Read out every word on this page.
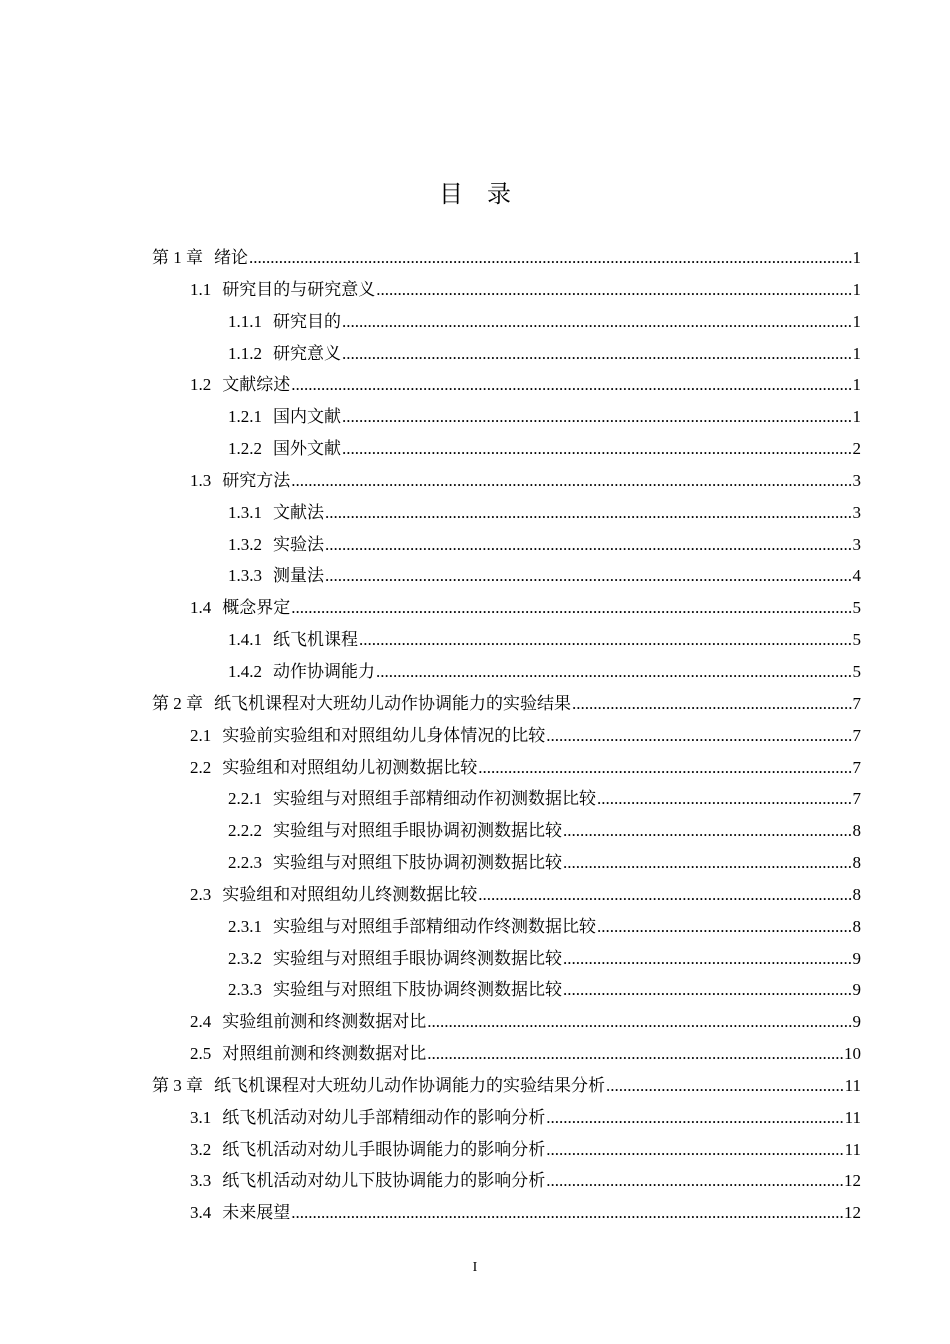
目录
第 1 章 绪论 .....	1
1.1 研究目的与研究意义 .....	1
1.1.1 研究目的 .....	1
1.1.2 研究意义 .....	1
1.2 文献综述 .....	1
1.2.1 国内文献 .....	1
1.2.2 国外文献 .....	2
1.3 研究方法 .....	3
1.3.1 文献法 .....	3
1.3.2 实验法 .....	3
1.3.3 测量法 .....	4
1.4 概念界定 .....	5
1.4.1 纸飞机课程 .....	5
1.4.2 动作协调能力 .....	5
第 2 章 纸飞机课程对大班幼儿动作协调能力的实验结果 .....	7
2.1 实验前实验组和对照组幼儿身体情况的比较 .....	7
2.2 实验组和对照组幼儿初测数据比较 .....	7
2.2.1 实验组与对照组手部精细动作初测数据比较 .....	7
2.2.2 实验组与对照组手眼协调初测数据比较 .....	8
2.2.3 实验组与对照组下肢协调初测数据比较 .....	8
2.3 实验组和对照组幼儿终测数据比较 .....	8
2.3.1 实验组与对照组手部精细动作终测数据比较 .....	8
2.3.2 实验组与对照组手眼协调终测数据比较 .....	9
2.3.3 实验组与对照组下肢协调终测数据比较 .....	9
2.4 实验组前测和终测数据对比 .....	9
2.5 对照组前测和终测数据对比 .....	10
第 3 章 纸飞机课程对大班幼儿动作协调能力的实验结果分析 .....	11
3.1 纸飞机活动对幼儿手部精细动作的影响分析 .....	11
3.2 纸飞机活动对幼儿手眼协调能力的影响分析 .....	11
3.3 纸飞机活动对幼儿下肢协调能力的影响分析 .....	12
3.4 未来展望 .....	12
I
